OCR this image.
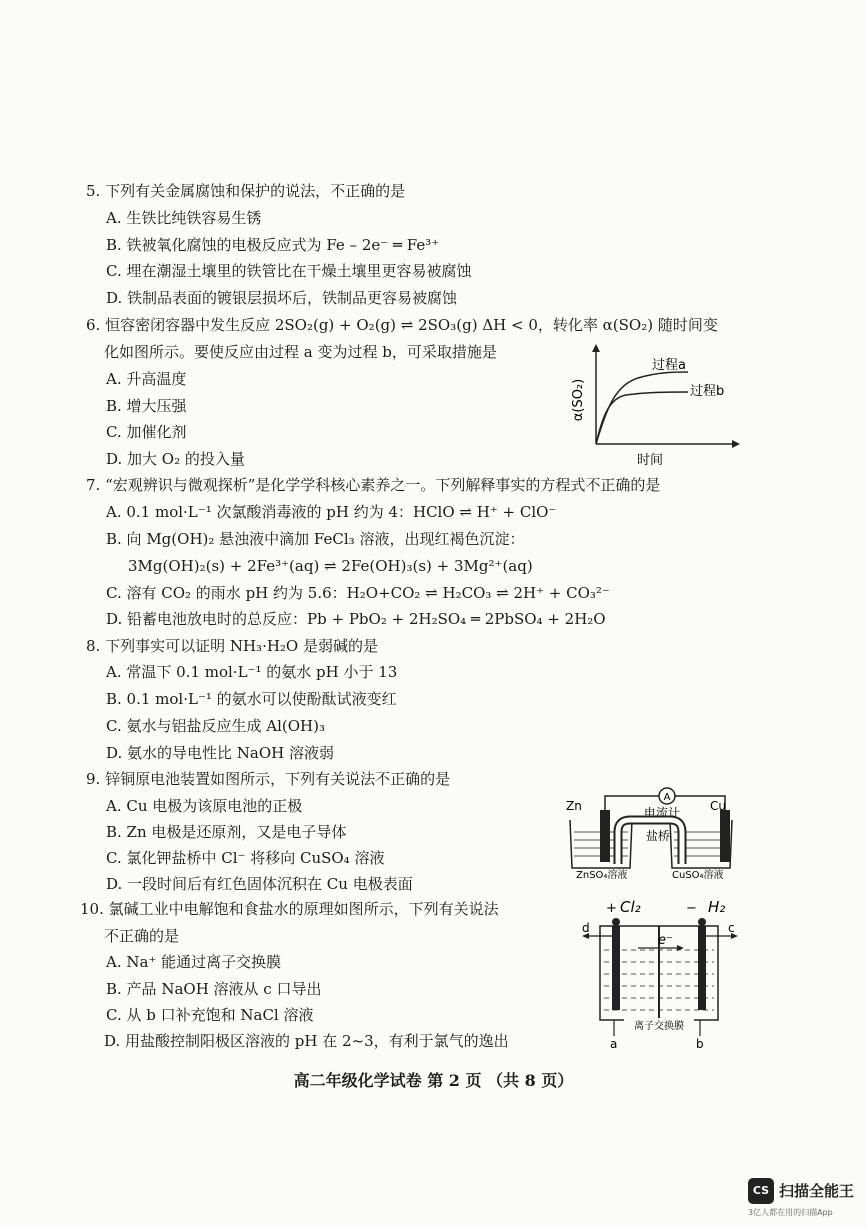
5. 下列有关金属腐蚀和保护的说法，不正确的是
A. 生铁比纯铁容易生锈
B. 铁被氧化腐蚀的电极反应式为 Fe – 2e⁻ ═ Fe³⁺
C. 埋在潮湿土壤里的铁管比在干燥土壤里更容易被腐蚀
D. 铁制品表面的镀银层损坏后，铁制品更容易被腐蚀
6. 恒容密闭容器中发生反应 2SO₂(g) + O₂(g) ⇌ 2SO₃(g) ΔH < 0，转化率 α(SO₂) 随时间变
化如图所示。要使反应由过程 a 变为过程 b，可采取措施是
A. 升高温度
B. 增大压强
C. 加催化剂
D. 加大 O₂ 的投入量
α(SO₂)
时间
过程a
过程b
7. “宏观辨识与微观探析”是化学学科核心素养之一。下列解释事实的方程式不正确的是
A. 0.1 mol·L⁻¹ 次氯酸消毒液的 pH 约为 4：HClO ⇌ H⁺ + ClO⁻
B. 向 Mg(OH)₂ 悬浊液中滴加 FeCl₃ 溶液，出现红褐色沉淀：
3Mg(OH)₂(s) + 2Fe³⁺(aq) ⇌ 2Fe(OH)₃(s) + 3Mg²⁺(aq)
C. 溶有 CO₂ 的雨水 pH 约为 5.6：H₂O+CO₂ ⇌ H₂CO₃ ⇌ 2H⁺ + CO₃²⁻
D. 铅蓄电池放电时的总反应：Pb + PbO₂ + 2H₂SO₄ ═ 2PbSO₄ + 2H₂O
8. 下列事实可以证明 NH₃·H₂O 是弱碱的是
A. 常温下 0.1 mol·L⁻¹ 的氨水 pH 小于 13
B. 0.1 mol·L⁻¹ 的氨水可以使酚酞试液变红
C. 氨水与铝盐反应生成 Al(OH)₃
D. 氨水的导电性比 NaOH 溶液弱
9. 锌铜原电池装置如图所示，下列有关说法不正确的是
A. Cu 电极为该原电池的正极
B. Zn 电极是还原剂，又是电子导体
C. 氯化钾盐桥中 Cl⁻ 将移向 CuSO₄ 溶液
D. 一段时间后有红色固体沉积在 Cu 电极表面
A
电流计
盐桥
Zn	Cu
ZnSO₄溶液	CuSO₄溶液
10. 氯碱工业中电解饱和食盐水的原理如图所示，下列有关说法
不正确的是
A. Na⁺ 能通过离子交换膜
B. 产品 NaOH 溶液从 c 口导出
C. 从 b 口补充饱和 NaCl 溶液
D. 用盐酸控制阳极区溶液的 pH 在 2~3，有利于氯气的逸出
+ Cl₂	− H₂
e⁻
d	c
a	b
离子交换膜
高二年级化学试卷 第 2 页 （共 8 页）
CS 扫描全能王
3亿人都在用的扫描App
